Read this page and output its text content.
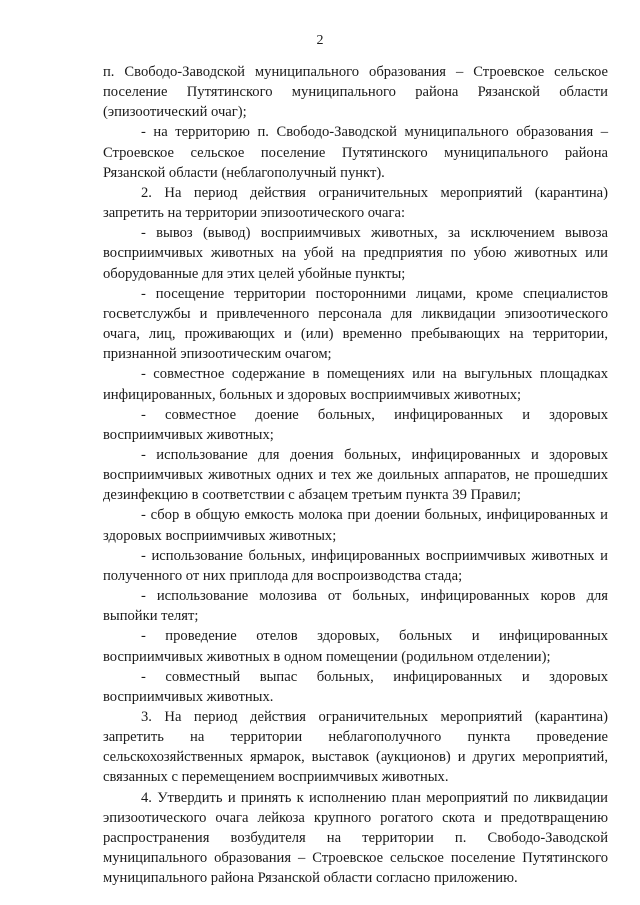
2

п. Свободо-Заводской муниципального образования – Строевское сельское поселение Путятинского муниципального района Рязанской области (эпизоотический очаг);

- на территорию п. Свободо-Заводской муниципального образования – Строевское сельское поселение Путятинского муниципального района Рязанской области (неблагополучный пункт).

2. На период действия ограничительных мероприятий (карантина) запретить на территории эпизоотического очага:

- вывоз (вывод) восприимчивых животных, за исключением вывоза восприимчивых животных на убой на предприятия по убою животных или оборудованные для этих целей убойные пункты;

- посещение территории посторонними лицами, кроме специалистов госветслужбы и привлеченного персонала для ликвидации эпизоотического очага, лиц, проживающих и (или) временно пребывающих на территории, признанной эпизоотическим очагом;

- совместное содержание в помещениях или на выгульных площадках инфицированных, больных и здоровых восприимчивых животных;

- совместное доение больных, инфицированных и здоровых восприимчивых животных;

- использование для доения больных, инфицированных и здоровых восприимчивых животных одних и тех же доильных аппаратов, не прошедших дезинфекцию в соответствии с абзацем третьим пункта 39 Правил;

- сбор в общую емкость молока при доении больных, инфицированных и здоровых восприимчивых животных;

- использование больных, инфицированных восприимчивых животных и полученного от них приплода для воспроизводства стада;

- использование молозива от больных, инфицированных коров для выпойки телят;

- проведение отелов здоровых, больных и инфицированных восприимчивых животных в одном помещении (родильном отделении);

- совместный выпас больных, инфицированных и здоровых восприимчивых животных.

3. На период действия ограничительных мероприятий (карантина) запретить на территории неблагополучного пункта проведение сельскохозяйственных ярмарок, выставок (аукционов) и других мероприятий, связанных с перемещением восприимчивых животных.

4. Утвердить и принять к исполнению план мероприятий по ликвидации эпизоотического очага лейкоза крупного рогатого скота и предотвращению распространения возбудителя на территории п. Свободо-Заводской муниципального образования – Строевское сельское поселение Путятинского муниципального района Рязанской области согласно приложению.
